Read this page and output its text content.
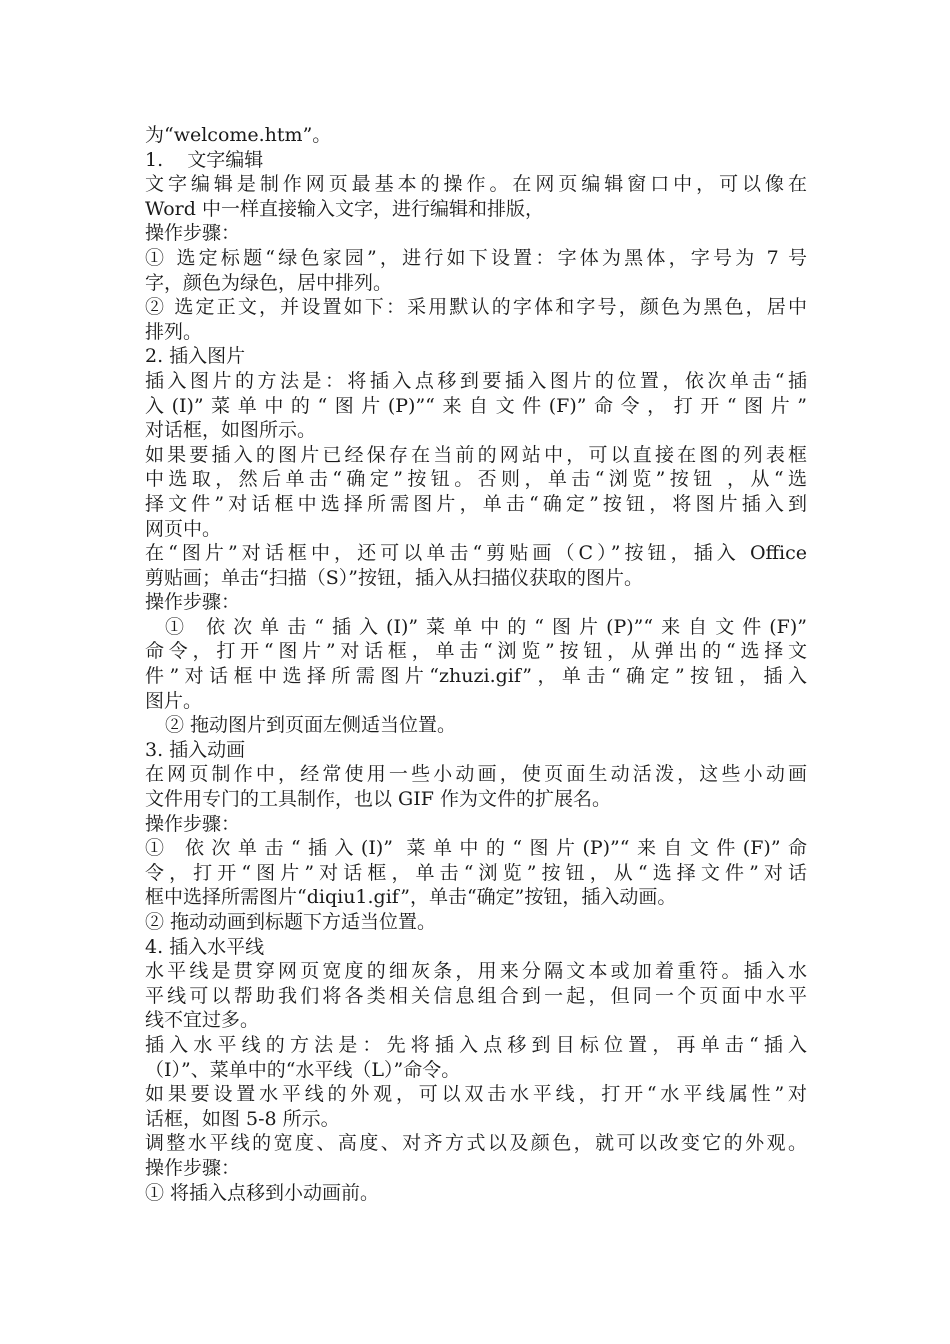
为“welcome.htm”。
1.    文字编辑
文字编辑是制作网页最基本的操作。在网页编辑窗口中，可以像在
Word 中一样直接输入文字，进行编辑和排版，
操作步骤：
① 选定标题“绿色家园”，进行如下设置：字体为黑体，字号为 7 号
字，颜色为绿色，居中排列。
② 选定正文，并设置如下：采用默认的字体和字号，颜色为黑色，居中
排列。
2. 插入图片
插入图片的方法是：将插入点移到要插入图片的位置，依次单击“插
入(I)”菜单中的“图片(P)”“来自文件(F)”命令，打开“图片”
对话框，如图所示。
如果要插入的图片已经保存在当前的网站中，可以直接在图的列表框
中选取，然后单击“确定”按钮。否则，单击“浏览”按钮 ，从“选
择文件”对话框中选择所需图片，单击“确定”按钮，将图片插入到
网页中。
在“图片”对话框中，还可以单击“剪贴画（C）”按钮，插入 Office
剪贴画；单击“扫描（S）”按钮，插入从扫描仪获取的图片。
操作步骤：
① 依次单击“插入(I)”菜单中的“图片(P)”“来自文件(F)”
命令，打开“图片”对话框，单击“浏览”按钮，从弹出的“选择文
件”对话框中选择所需图片“zhuzi.gif”，单击“确定”按钮，插入
图片。
② 拖动图片到页面左侧适当位置。
3. 插入动画
在网页制作中，经常使用一些小动画，使页面生动活泼，这些小动画
文件用专门的工具制作，也以 GIF 作为文件的扩展名。
操作步骤：
① 依次单击“插入(I)” 菜单中的“图片(P)”“来自文件(F)”命
令，打开“图片”对话框，单击“浏览”按钮，从“选择文件”对话
框中选择所需图片“diqiu1.gif”，单击“确定”按钮，插入动画。
② 拖动动画到标题下方适当位置。
4. 插入水平线
水平线是贯穿网页宽度的细灰条，用来分隔文本或加着重符。插入水
平线可以帮助我们将各类相关信息组合到一起，但同一个页面中水平
线不宜过多。
插入水平线的方法是：先将插入点移到目标位置，再单击“插入
（I）”、菜单中的“水平线（L）”命令。
如果要设置水平线的外观，可以双击水平线，打开“水平线属性”对
话框，如图 5-8 所示。
调整水平线的宽度、高度、对齐方式以及颜色，就可以改变它的外观。
操作步骤：
① 将插入点移到小动画前。
